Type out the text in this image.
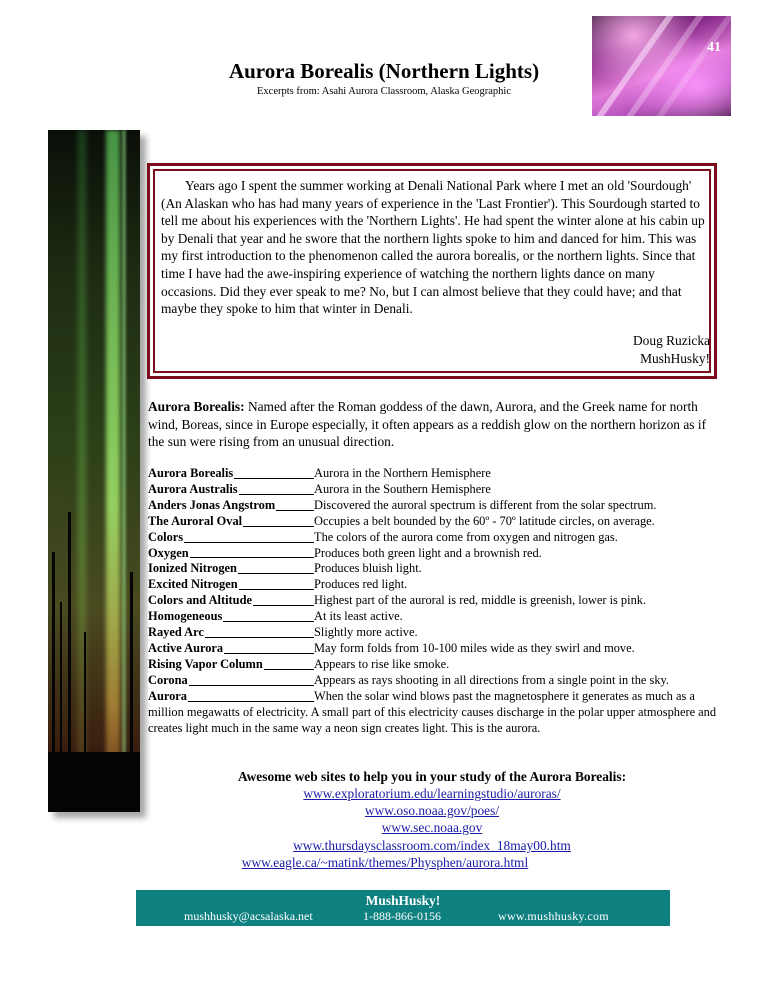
41
Aurora Borealis (Northern Lights)
Excerpts from: Asahi Aurora Classroom, Alaska Geographic

Years ago I spent the summer working at Denali National Park where I met an old 'Sourdough' (An Alaskan who has had many years of experience in the 'Last Frontier'). This Sourdough started to tell me about his experiences with the 'Northern Lights'. He had spent the winter alone at his cabin up by Denali that year and he swore that the northern lights spoke to him and danced for him. This was my first introduction to the phenomenon called the aurora borealis, or the northern lights. Since that time I have had the awe-inspiring experience of watching the northern lights dance on many occasions. Did they ever speak to me? No, but I can almost believe that they could have; and that maybe they spoke to him that winter in Denali.

Doug Ruzicka
MushHusky!
Aurora Borealis: Named after the Roman goddess of the dawn, Aurora, and the Greek name for north wind, Boreas, since in Europe especially, it often appears as a reddish glow on the northern horizon as if the sun were rising from an unusual direction.
Aurora Borealis	Aurora in the Northern Hemisphere
Aurora Australis	Aurora in the Southern Hemisphere
Anders Jonas Angstrom	Discovered the auroral spectrum is different from the solar spectrum.
The Auroral Oval	Occupies a belt bounded by the 60º - 70º latitude circles, on average.
Colors	The colors of the aurora come from oxygen and nitrogen gas.
Oxygen	Produces both green light and a brownish red.
Ionized Nitrogen	Produces bluish light.
Excited Nitrogen	Produces red light.
Colors and Altitude	Highest part of the auroral is red, middle is greenish, lower is pink.
Homogeneous	At its least active.
Rayed Arc	Slightly more active.
Active Aurora	May form folds from 10-100 miles wide as they swirl and move.
Rising Vapor Column	Appears to rise like smoke.
Corona	Appears as rays shooting in all directions from a single point in the sky.
Aurora	When the solar wind blows past the magnetosphere it generates as much as a million megawatts of electricity. A small part of this electricity causes discharge in the polar upper atmosphere and creates light much in the same way a neon sign creates light. This is the aurora.
Awesome web sites to help you in your study of the Aurora Borealis:
www.exploratorium.edu/learningstudio/auroras/
www.oso.noaa.gov/poes/
www.sec.noaa.gov
www.thursdaysclassroom.com/index_18may00.htm
www.eagle.ca/~matink/themes/Physphen/aurora.html
MushHusky!
mushhusky@acsalaska.net	1-888-866-0156	www.mushhusky.com
